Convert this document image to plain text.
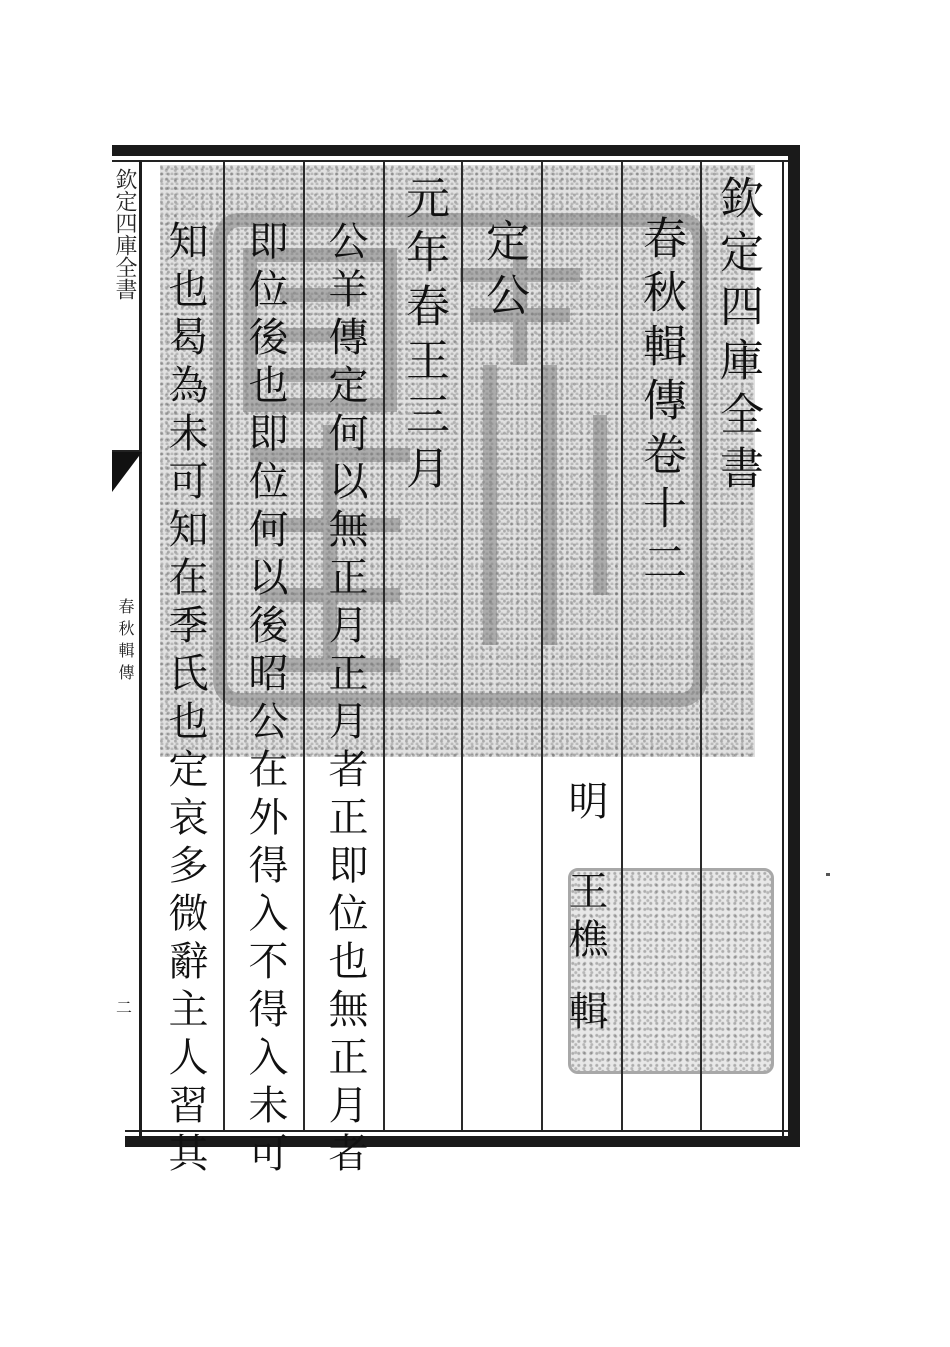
欽定四庫全書
春秋輯傳
二
欽定四庫全書
春秋輯傳卷十二
明
王樵
輯
定公
元年春王三月
公羊傳定何以無正月正月者正即位也無正月者
即位後也即位何以後昭公在外得入不得入未可
知也曷為未可知在季氏也定哀多微辭主人習其
